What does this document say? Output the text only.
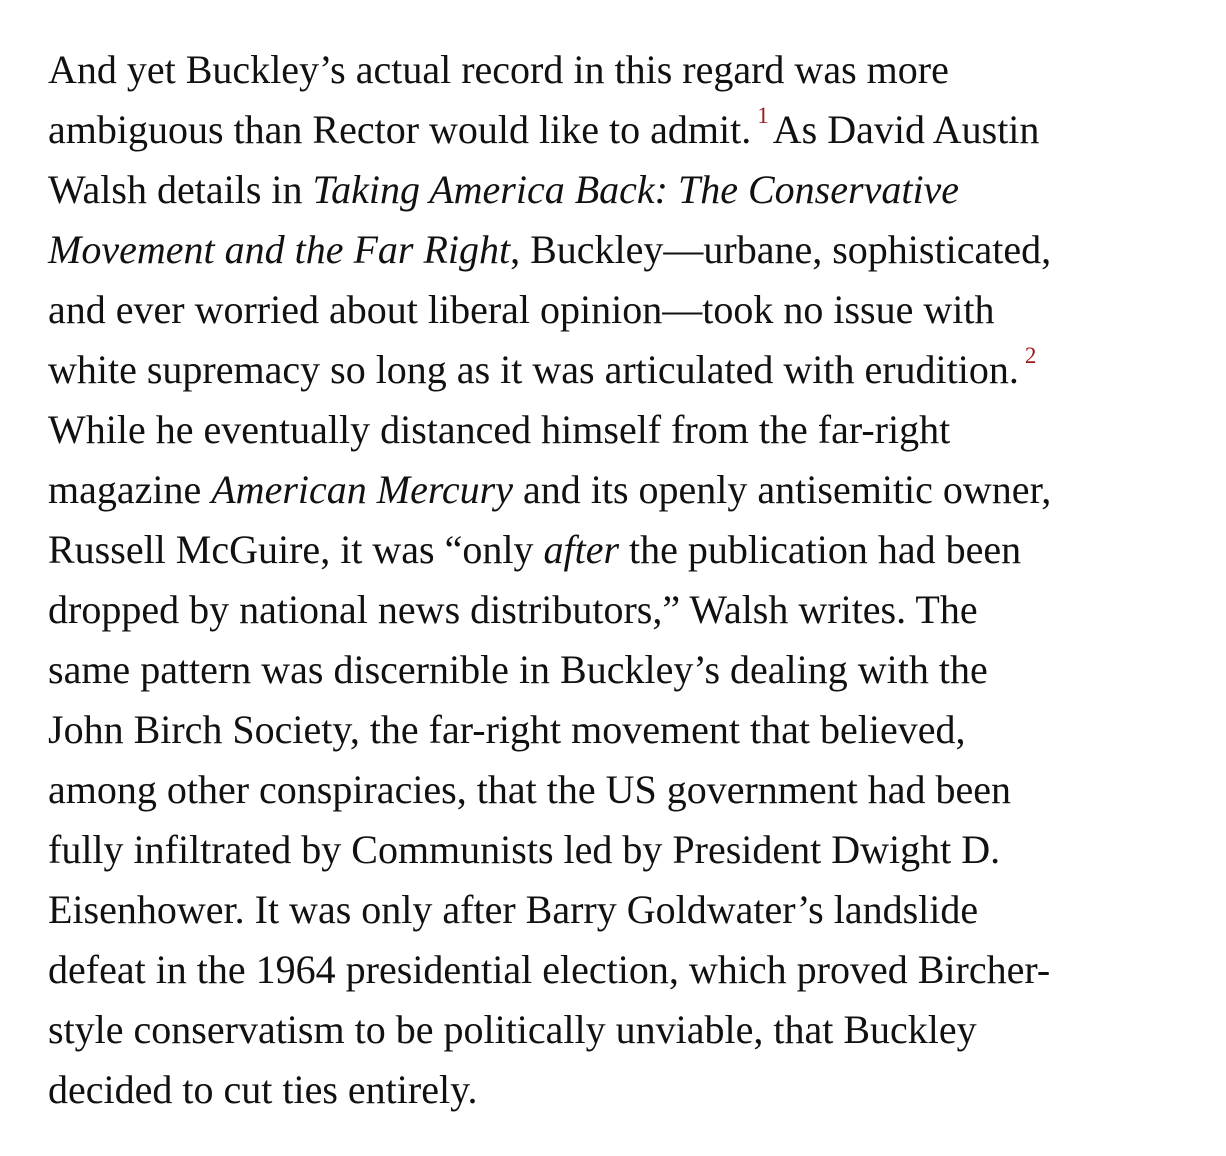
And yet Buckley’s actual record in this regard was more
ambiguous than Rector would like to admit. $^1$ As David Austin
Walsh details in Taking America Back: The Conservative
Movement and the Far Right, Buckley—urbane, sophisticated,
and ever worried about liberal opinion—took no issue with
white supremacy so long as it was articulated with erudition. $^2$
While he eventually distanced himself from the far-right
magazine American Mercury and its openly antisemitic owner,
Russell McGuire, it was “only after the publication had been
dropped by national news distributors,” Walsh writes. The
same pattern was discernible in Buckley’s dealing with the
John Birch Society, the far-right movement that believed,
among other conspiracies, that the US government had been
fully infiltrated by Communists led by President Dwight D.
Eisenhower. It was only after Barry Goldwater’s landslide
defeat in the 1964 presidential election, which proved Bircher-
style conservatism to be politically unviable, that Buckley
decided to cut ties entirely.
